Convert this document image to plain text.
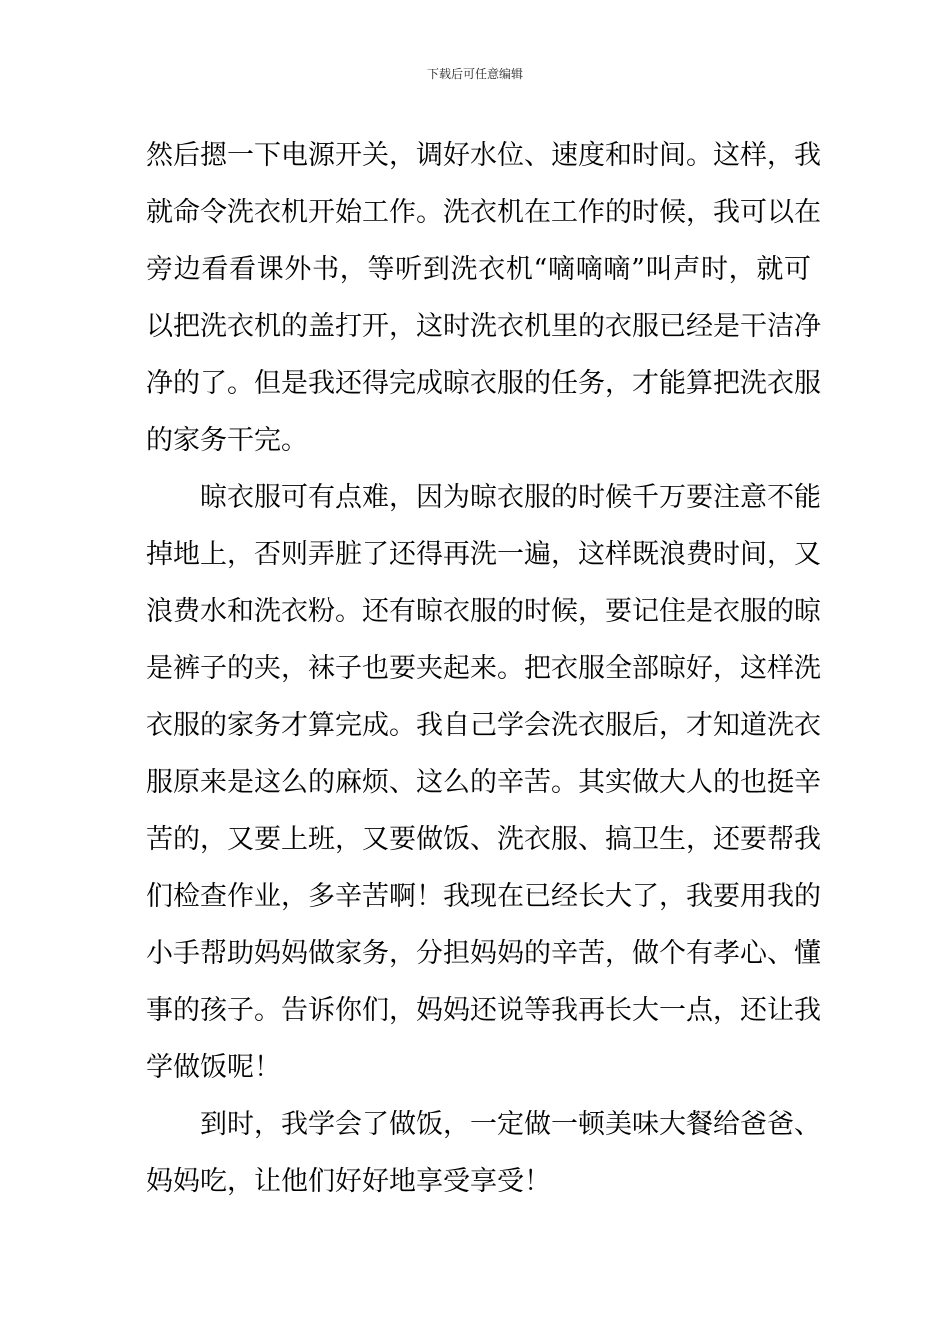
下载后可任意编辑
然后摁一下电源开关，调好水位、速度和时间。这样，我
就命令洗衣机开始工作。洗衣机在工作的时候，我可以在
旁边看看课外书，等听到洗衣机“嘀嘀嘀”叫声时，就可
以把洗衣机的盖打开，这时洗衣机里的衣服已经是干洁净
净的了。但是我还得完成晾衣服的任务，才能算把洗衣服
的家务干完。
晾衣服可有点难，因为晾衣服的时候千万要注意不能
掉地上，否则弄脏了还得再洗一遍，这样既浪费时间，又
浪费水和洗衣粉。还有晾衣服的时候，要记住是衣服的晾
是裤子的夹，袜子也要夹起来。把衣服全部晾好，这样洗
衣服的家务才算完成。我自己学会洗衣服后，才知道洗衣
服原来是这么的麻烦、这么的辛苦。其实做大人的也挺辛
苦的，又要上班，又要做饭、洗衣服、搞卫生，还要帮我
们检查作业，多辛苦啊！我现在已经长大了，我要用我的
小手帮助妈妈做家务，分担妈妈的辛苦，做个有孝心、懂
事的孩子。告诉你们，妈妈还说等我再长大一点，还让我
学做饭呢！
到时，我学会了做饭，一定做一顿美味大餐给爸爸、
妈妈吃，让他们好好地享受享受！
